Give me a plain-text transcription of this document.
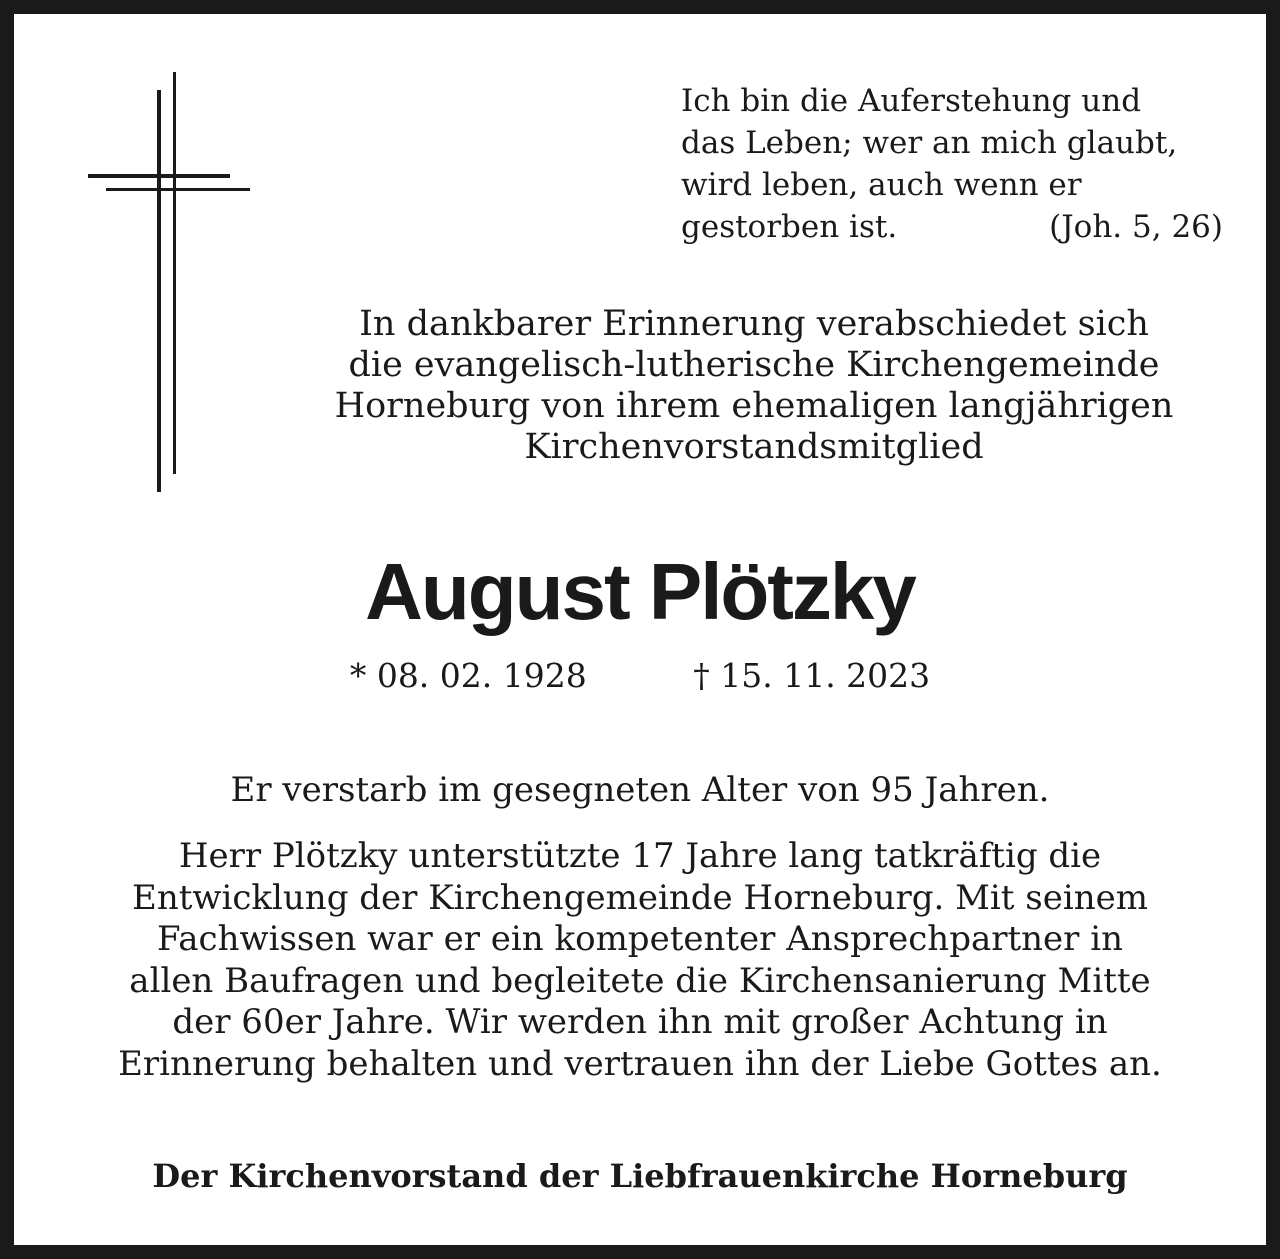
Ich bin die Auferstehung und
das Leben; wer an mich glaubt,
wird leben, auch wenn er
gestorben ist.	(Joh. 5, 26)
In dankbarer Erinnerung verabschiedet sich
die evangelisch-lutherische Kirchengemeinde
Horneburg von ihrem ehemaligen langjährigen
Kirchenvorstandsmitglied
August Plötzky
* 08. 02. 1928	† 15. 11. 2023
Er verstarb im gesegneten Alter von 95 Jahren.
Herr Plötzky unterstützte 17 Jahre lang tatkräftig die
Entwicklung der Kirchengemeinde Horneburg. Mit seinem
Fachwissen war er ein kompetenter Ansprechpartner in
allen Baufragen und begleitete die Kirchensanierung Mitte
der 60er Jahre. Wir werden ihn mit großer Achtung in
Erinnerung behalten und vertrauen ihn der Liebe Gottes an.
Der Kirchenvorstand der Liebfrauenkirche Horneburg
